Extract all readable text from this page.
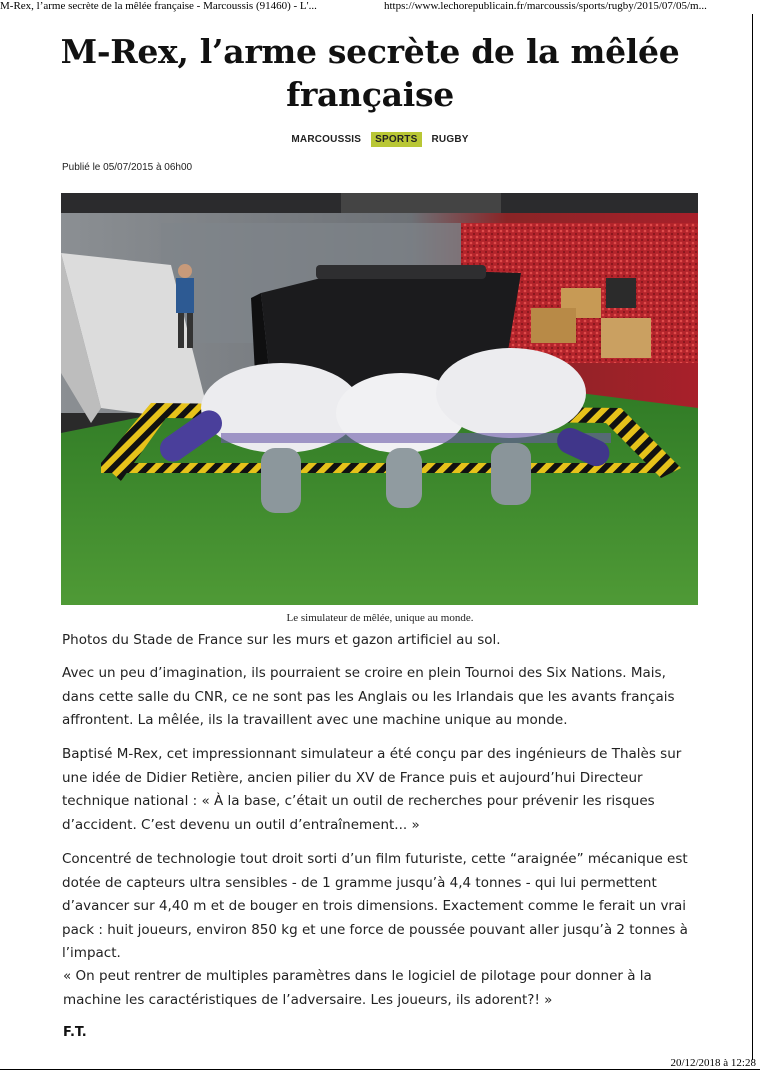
M-Rex, l’arme secrète de la mêlée française - Marcoussis (91460) - L'...	https://www.lechorepublicain.fr/marcoussis/sports/rugby/2015/07/05/m...
M-Rex, l’arme secrète de la mêlée française
MARCOUSSIS	SPORTS	RUGBY
Publié le 05/07/2015 à 06h00
Le simulateur de mêlée, unique au monde.

Photos du Stade de France sur les murs et gazon artificiel au sol.

Avec un peu d’imagination, ils pourraient se croire en plein Tournoi des Six Nations. Mais, dans cette salle du CNR, ce ne sont pas les Anglais ou les Irlandais que les avants français affrontent. La mêlée, ils la travaillent avec une machine unique au monde.

Baptisé M-Rex, cet impressionnant simulateur a été conçu par des ingénieurs de Thalès sur une idée de Didier Retière, ancien pilier du XV de France puis et aujourd’hui Directeur technique national : « À la base, c’était un outil de recherches pour prévenir les risques d’accident. C’est devenu un outil d’entraînement... »

Concentré de technologie tout droit sorti d’un film futuriste, cette “araignée” mécanique est dotée de capteurs ultra sensibles - de 1 gramme jusqu’à 4,4 tonnes - qui lui permettent d’avancer sur 4,40 m et de bouger en trois dimensions. Exactement comme le ferait un vrai pack : huit joueurs, environ 850 kg et une force de poussée pouvant aller jusqu’à 2 tonnes à l’impact.

« On peut rentrer de multiples paramètres dans le logiciel de pilotage pour donner à la machine les caractéristiques de l’adversaire. Les joueurs, ils adorent?! »

F.T.

20/12/2018 à 12:28
